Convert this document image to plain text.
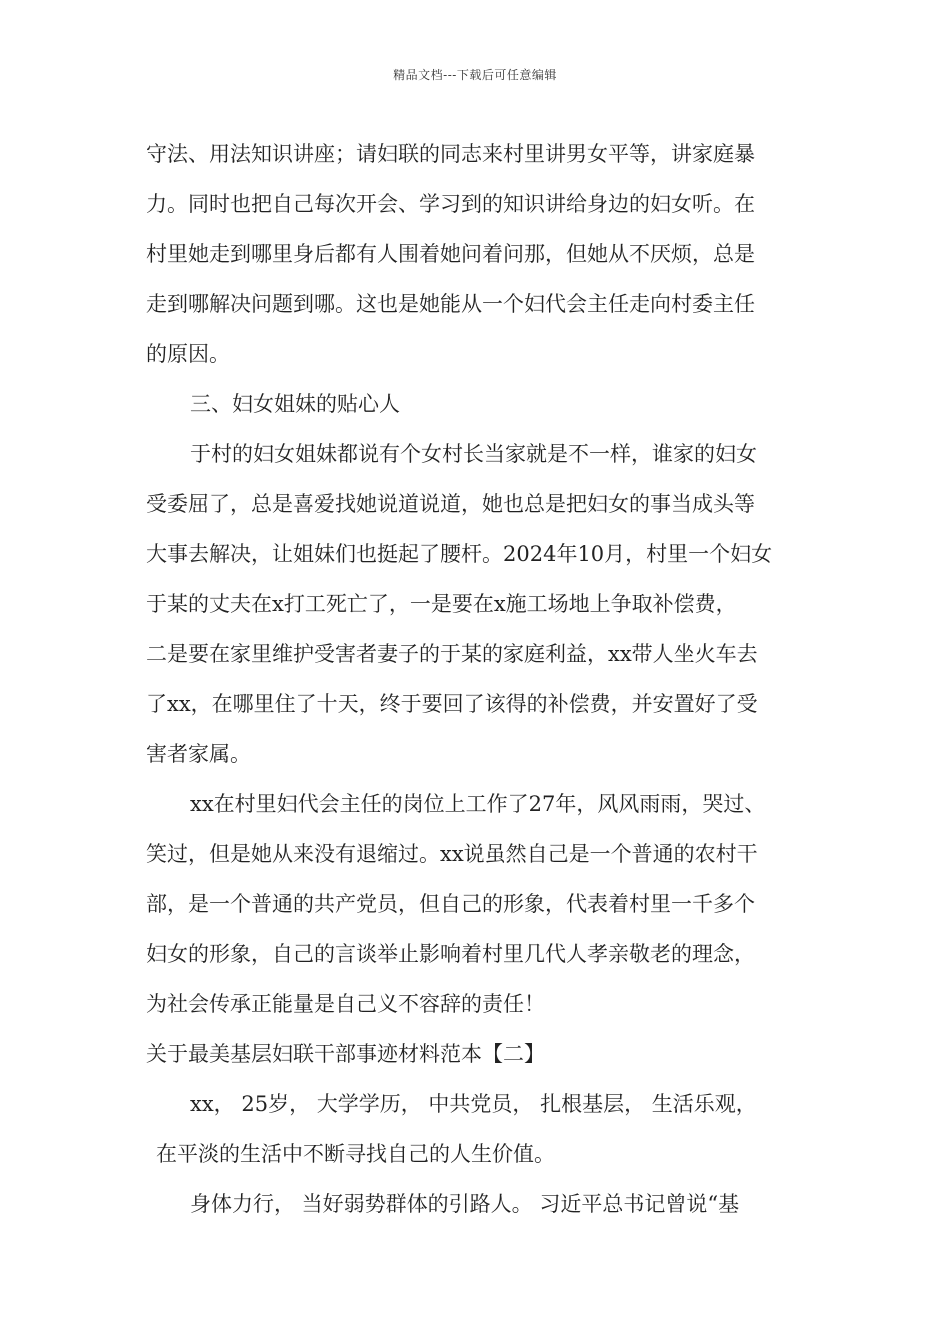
精品文档---下载后可任意编辑
守法、用法知识讲座；请妇联的同志来村里讲男女平等，讲家庭暴
力。同时也把自己每次开会、学习到的知识讲给身边的妇女听。在
村里她走到哪里身后都有人围着她问着问那，但她从不厌烦，总是
走到哪解决问题到哪。这也是她能从一个妇代会主任走向村委主任
的原因。
三、妇女姐妹的贴心人
于村的妇女姐妹都说有个女村长当家就是不一样，谁家的妇女
受委屈了，总是喜爱找她说道说道，她也总是把妇女的事当成头等
大事去解决，让姐妹们也挺起了腰杆。2024年10月，村里一个妇女
于某的丈夫在x打工死亡了，一是要在x施工场地上争取补偿费，
二是要在家里维护受害者妻子的于某的家庭利益，xx带人坐火车去
了xx，在哪里住了十天，终于要回了该得的补偿费，并安置好了受
害者家属。
xx在村里妇代会主任的岗位上工作了27年，风风雨雨，哭过、
笑过，但是她从来没有退缩过。xx说虽然自己是一个普通的农村干
部，是一个普通的共产党员，但自己的形象，代表着村里一千多个
妇女的形象，自己的言谈举止影响着村里几代人孝亲敬老的理念，
为社会传承正能量是自己义不容辞的责任！
关于最美基层妇联干部事迹材料范本【二】
xx， 25岁， 大学学历， 中共党员， 扎根基层， 生活乐观，
在平淡的生活中不断寻找自己的人生价值。
身体力行， 当好弱势群体的引路人。 习近平总书记曾说“基
